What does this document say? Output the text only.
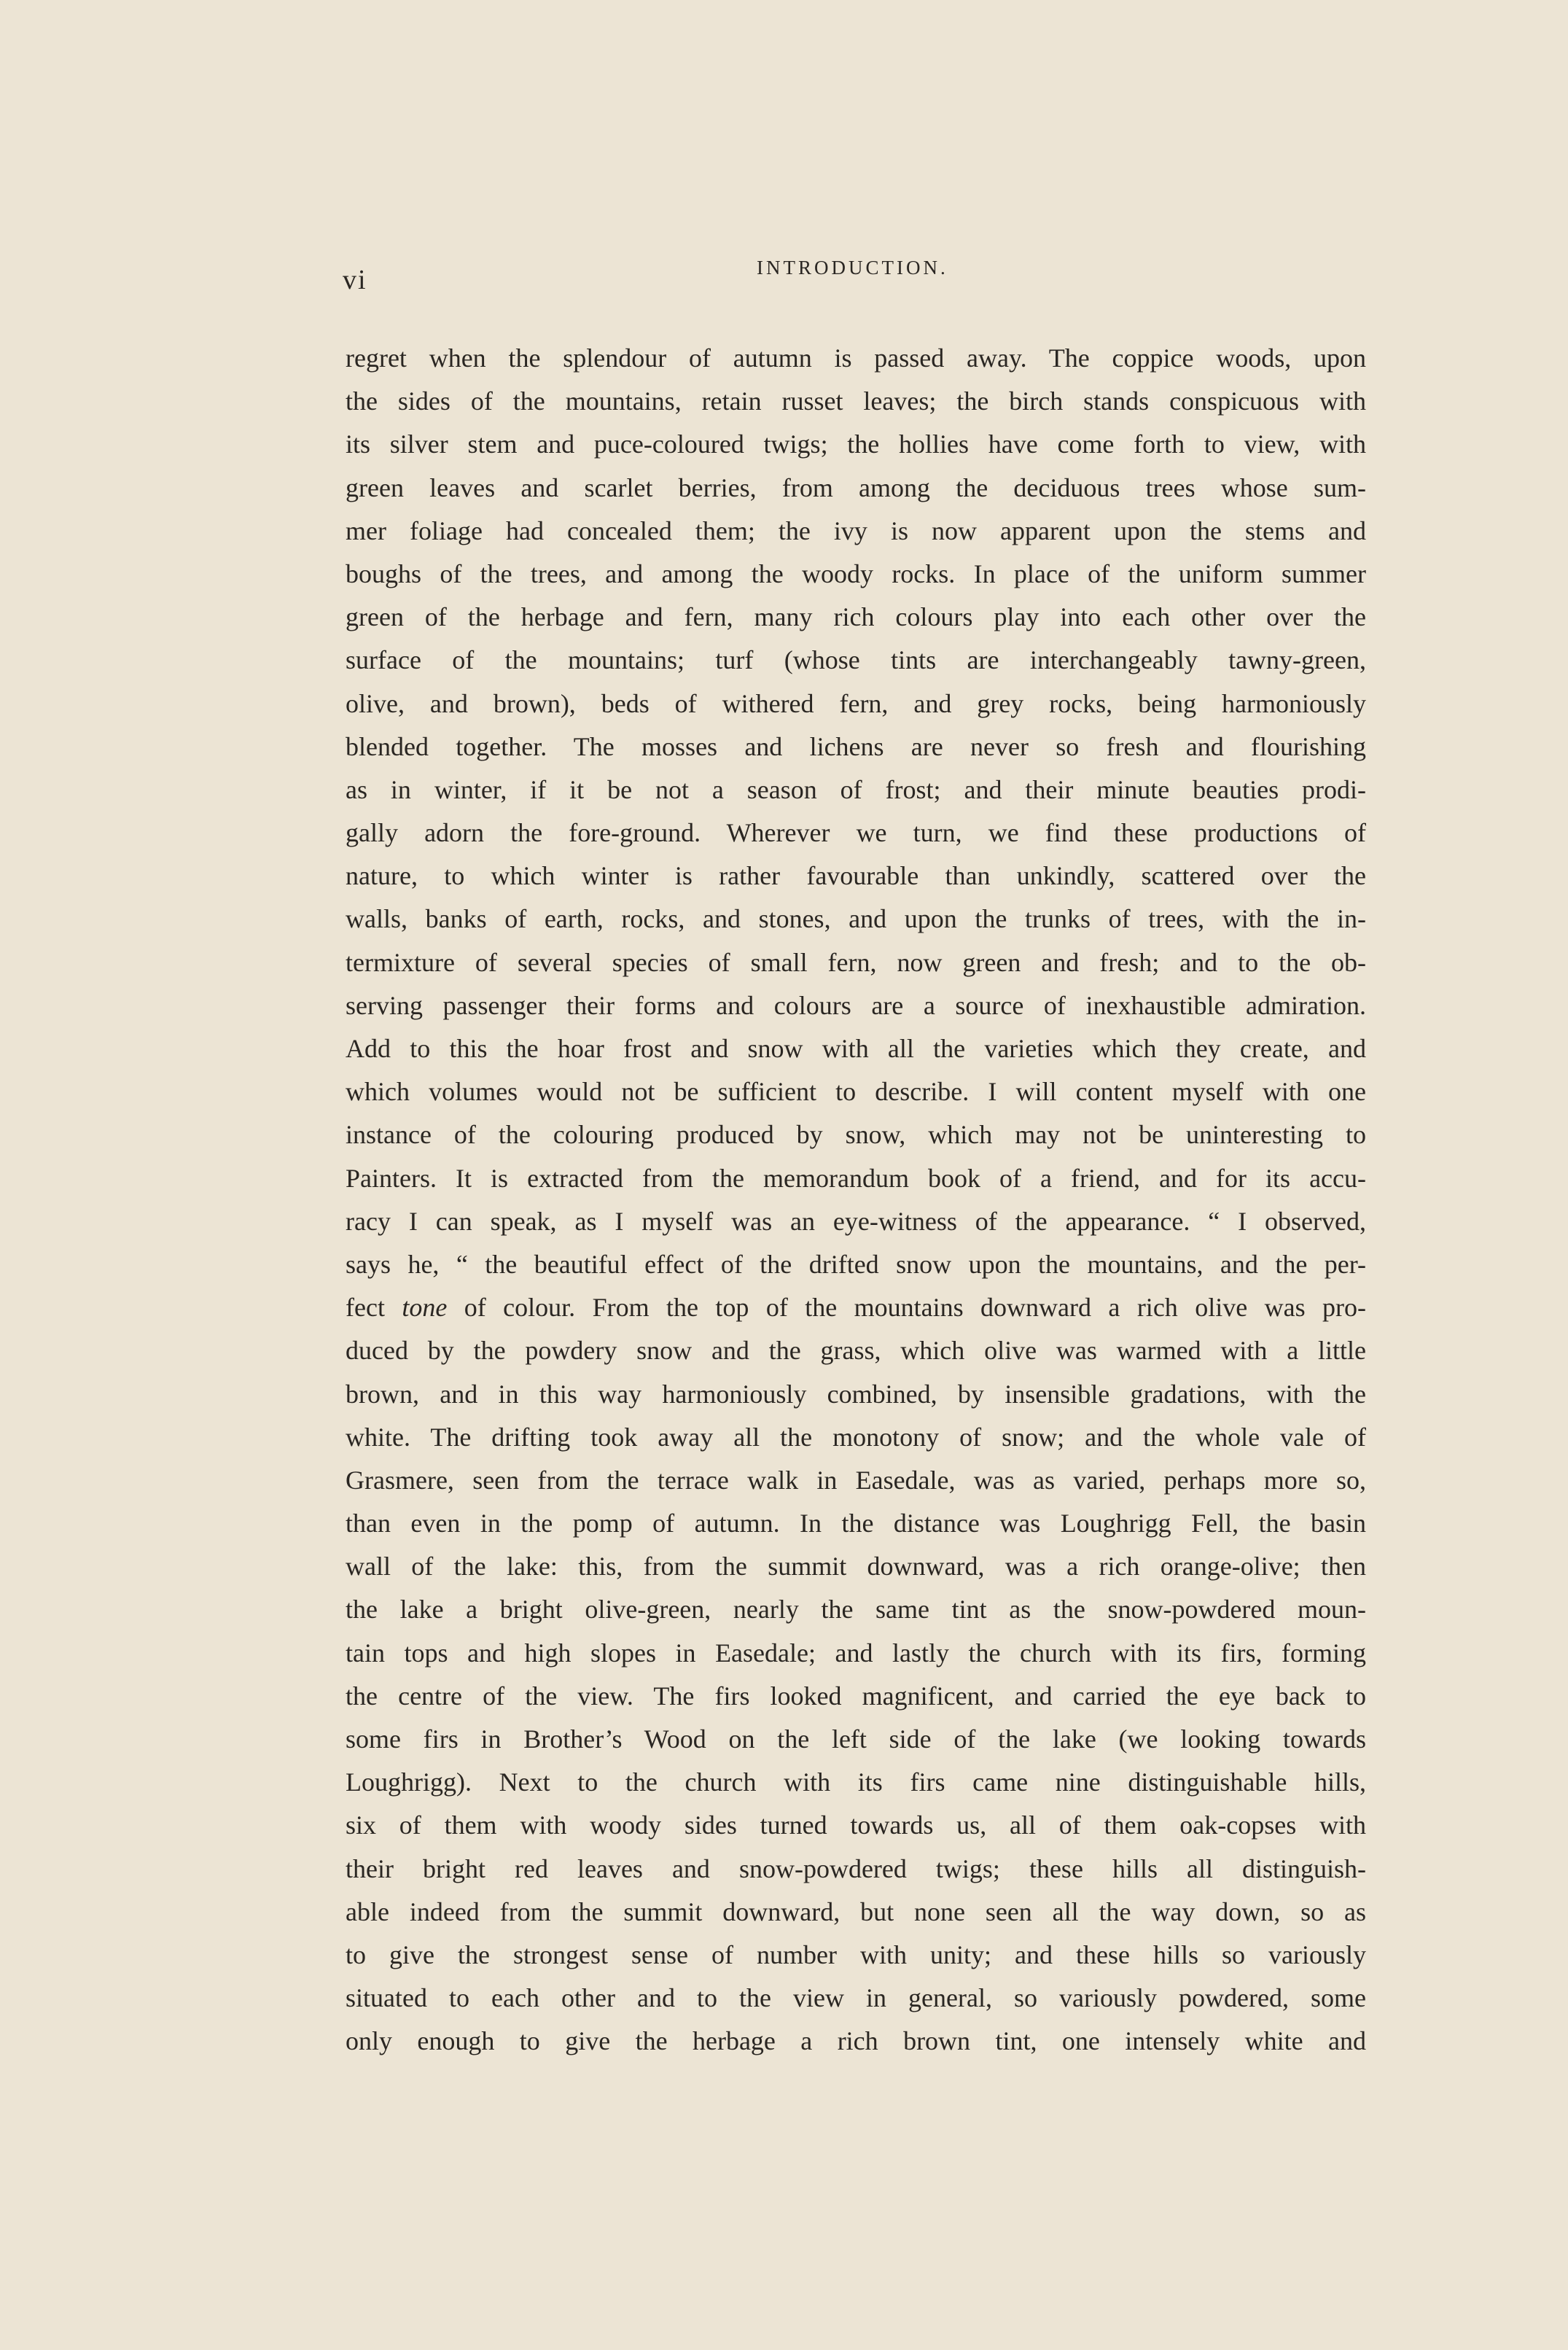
vi	INTRODUCTION.
regret when the splendour of autumn is passed away. The coppice woods, upon
the sides of the mountains, retain russet leaves; the birch stands conspicuous with
its silver stem and puce-coloured twigs; the hollies have come forth to view, with
green leaves and scarlet berries, from among the deciduous trees whose sum-
mer foliage had concealed them; the ivy is now apparent upon the stems and
boughs of the trees, and among the woody rocks. In place of the uniform summer
green of the herbage and fern, many rich colours play into each other over the
surface of the mountains; turf (whose tints are interchangeably tawny-green,
olive, and brown), beds of withered fern, and grey rocks, being harmoniously
blended together. The mosses and lichens are never so fresh and flourishing
as in winter, if it be not a season of frost; and their minute beauties prodi-
gally adorn the fore-ground. Wherever we turn, we find these productions of
nature, to which winter is rather favourable than unkindly, scattered over the
walls, banks of earth, rocks, and stones, and upon the trunks of trees, with the in-
termixture of several species of small fern, now green and fresh; and to the ob-
serving passenger their forms and colours are a source of inexhaustible admiration.
Add to this the hoar frost and snow with all the varieties which they create, and
which volumes would not be sufficient to describe. I will content myself with one
instance of the colouring produced by snow, which may not be uninteresting to
Painters. It is extracted from the memorandum book of a friend, and for its accu-
racy I can speak, as I myself was an eye-witness of the appearance. “ I observed,
says he, “ the beautiful effect of the drifted snow upon the mountains, and the per-
fect tone of colour. From the top of the mountains downward a rich olive was pro-
duced by the powdery snow and the grass, which olive was warmed with a little
brown, and in this way harmoniously combined, by insensible gradations, with the
white. The drifting took away all the monotony of snow; and the whole vale of
Grasmere, seen from the terrace walk in Easedale, was as varied, perhaps more so,
than even in the pomp of autumn. In the distance was Loughrigg Fell, the basin
wall of the lake: this, from the summit downward, was a rich orange-olive; then
the lake a bright olive-green, nearly the same tint as the snow-powdered moun-
tain tops and high slopes in Easedale; and lastly the church with its firs, forming
the centre of the view. The firs looked magnificent, and carried the eye back to
some firs in Brother’s Wood on the left side of the lake (we looking towards
Loughrigg). Next to the church with its firs came nine distinguishable hills,
six of them with woody sides turned towards us, all of them oak-copses with
their bright red leaves and snow-powdered twigs; these hills all distinguish-
able indeed from the summit downward, but none seen all the way down, so as
to give the strongest sense of number with unity; and these hills so variously
situated to each other and to the view in general, so variously powdered, some
only enough to give the herbage a rich brown tint, one intensely white and
